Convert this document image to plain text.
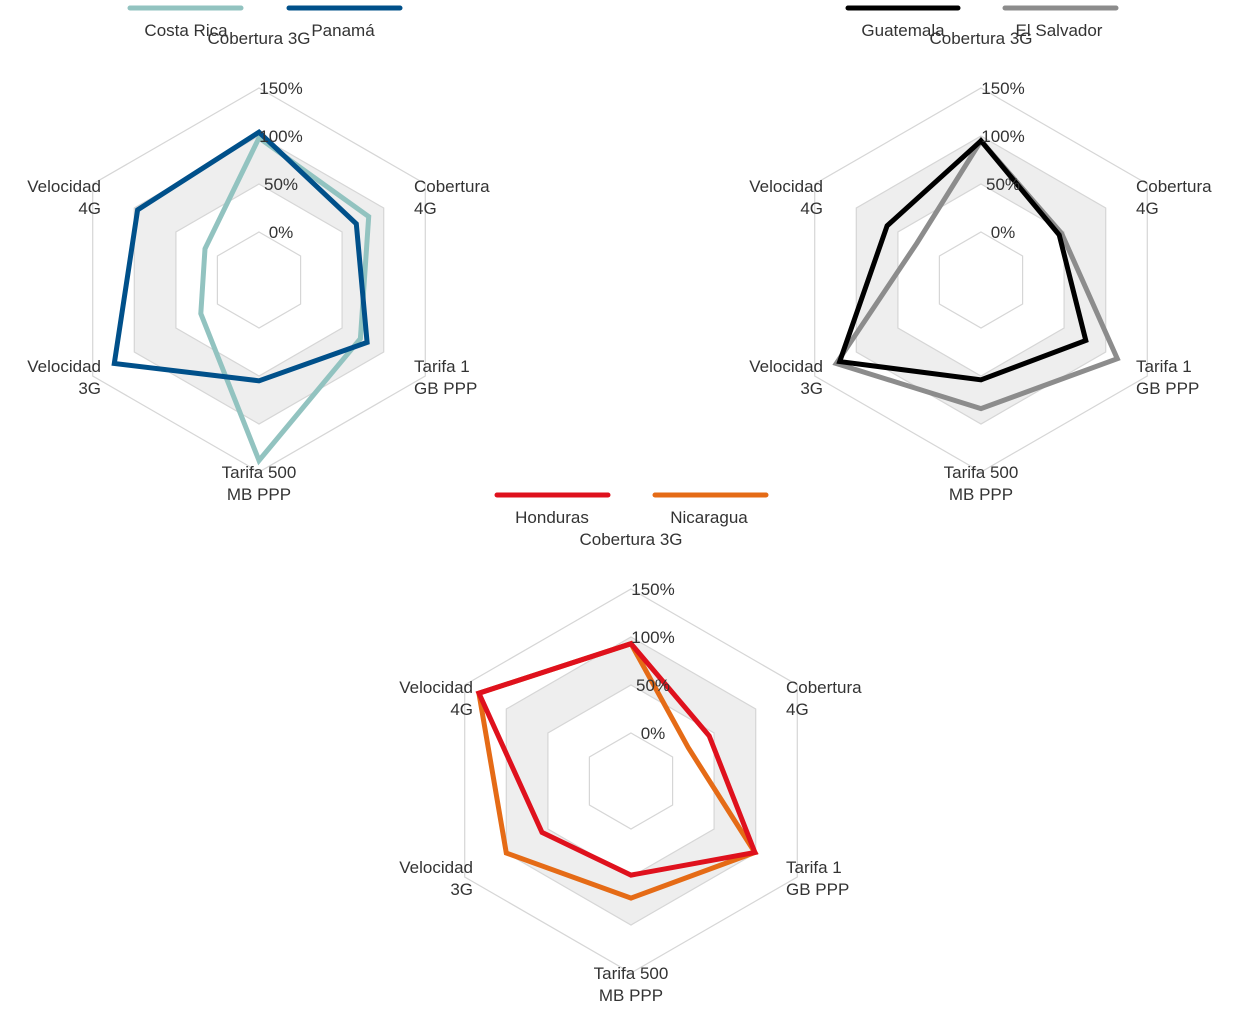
0%
50%
100%
150%
Cobertura 3G
Cobertura 4G
Tarifa 1 GB PPP
Tarifa 500 MB PPP
Velocidad 3G
Velocidad 4G
Costa Rica	Panamá
0%
50%
100%
150%
Cobertura 3G
Cobertura 4G
Tarifa 1 GB PPP
Tarifa 500 MB PPP
Velocidad 3G
Velocidad 4G
Guatemala	El Salvador
0%
50%
100%
150%
Cobertura 3G
Cobertura 4G
Tarifa 1 GB PPP
Tarifa 500 MB PPP
Velocidad 3G
Velocidad 4G
Nicaragua
Honduras
